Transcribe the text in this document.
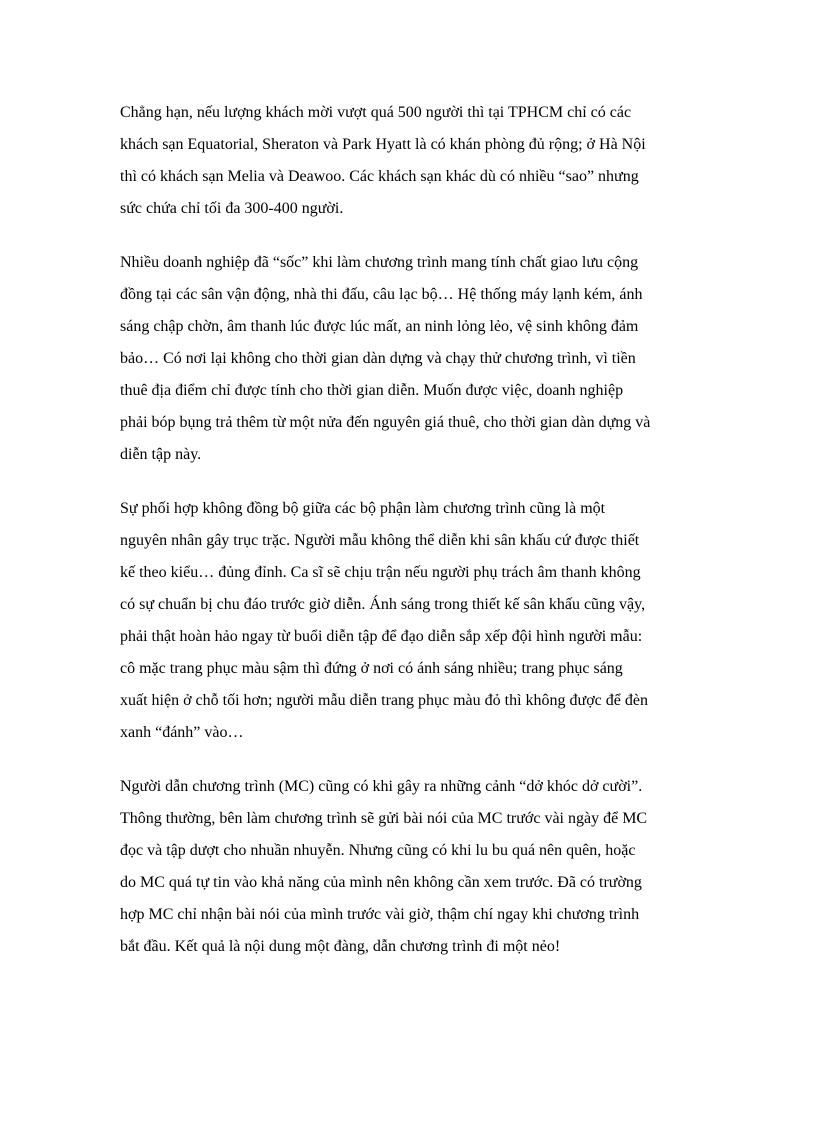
Chẳng hạn, nếu lượng khách mời vượt quá 500 người thì tại TPHCM chỉ có các
khách sạn Equatorial, Sheraton và Park Hyatt là có khán phòng đủ rộng; ở Hà Nội
thì có khách sạn Melia và Deawoo. Các khách sạn khác dù có nhiều “sao” nhưng
sức chứa chỉ tối đa 300-400 người.
Nhiều doanh nghiệp đã “sốc” khi làm chương trình mang tính chất giao lưu cộng
đồng tại các sân vận động, nhà thi đấu, câu lạc bộ… Hệ thống máy lạnh kém, ánh
sáng chập chờn, âm thanh lúc được lúc mất, an ninh lỏng lẻo, vệ sinh không đảm
bảo… Có nơi lại không cho thời gian dàn dựng và chạy thử chương trình, vì tiền
thuê địa điểm chỉ được tính cho thời gian diễn. Muốn được việc, doanh nghiệp
phải bóp bụng trả thêm từ một nửa đến nguyên giá thuê, cho thời gian dàn dựng và
diễn tập này.
Sự phối hợp không đồng bộ giữa các bộ phận làm chương trình cũng là một
nguyên nhân gây trục trặc. Người mẫu không thể diễn khi sân khấu cứ được thiết
kế theo kiểu… đủng đỉnh. Ca sĩ sẽ chịu trận nếu người phụ trách âm thanh không
có sự chuẩn bị chu đáo trước giờ diễn. Ánh sáng trong thiết kế sân khấu cũng vậy,
phải thật hoàn hảo ngay từ buổi diễn tập để đạo diễn sắp xếp đội hình người mẫu:
cô mặc trang phục màu sậm thì đứng ở nơi có ánh sáng nhiều; trang phục sáng
xuất hiện ở chỗ tối hơn; người mẫu diễn trang phục màu đỏ thì không được để đèn
xanh “đánh” vào…
Người dẫn chương trình (MC) cũng có khi gây ra những cảnh “dở khóc dở cười”.
Thông thường, bên làm chương trình sẽ gửi bài nói của MC trước vài ngày để MC
đọc và tập dượt cho nhuần nhuyễn. Nhưng cũng có khi lu bu quá nên quên, hoặc
do MC quá tự tin vào khả năng của mình nên không cần xem trước. Đã có trường
hợp MC chỉ nhận bài nói của mình trước vài giờ, thậm chí ngay khi chương trình
bắt đầu. Kết quả là nội dung một đàng, dẫn chương trình đi một nẻo!
